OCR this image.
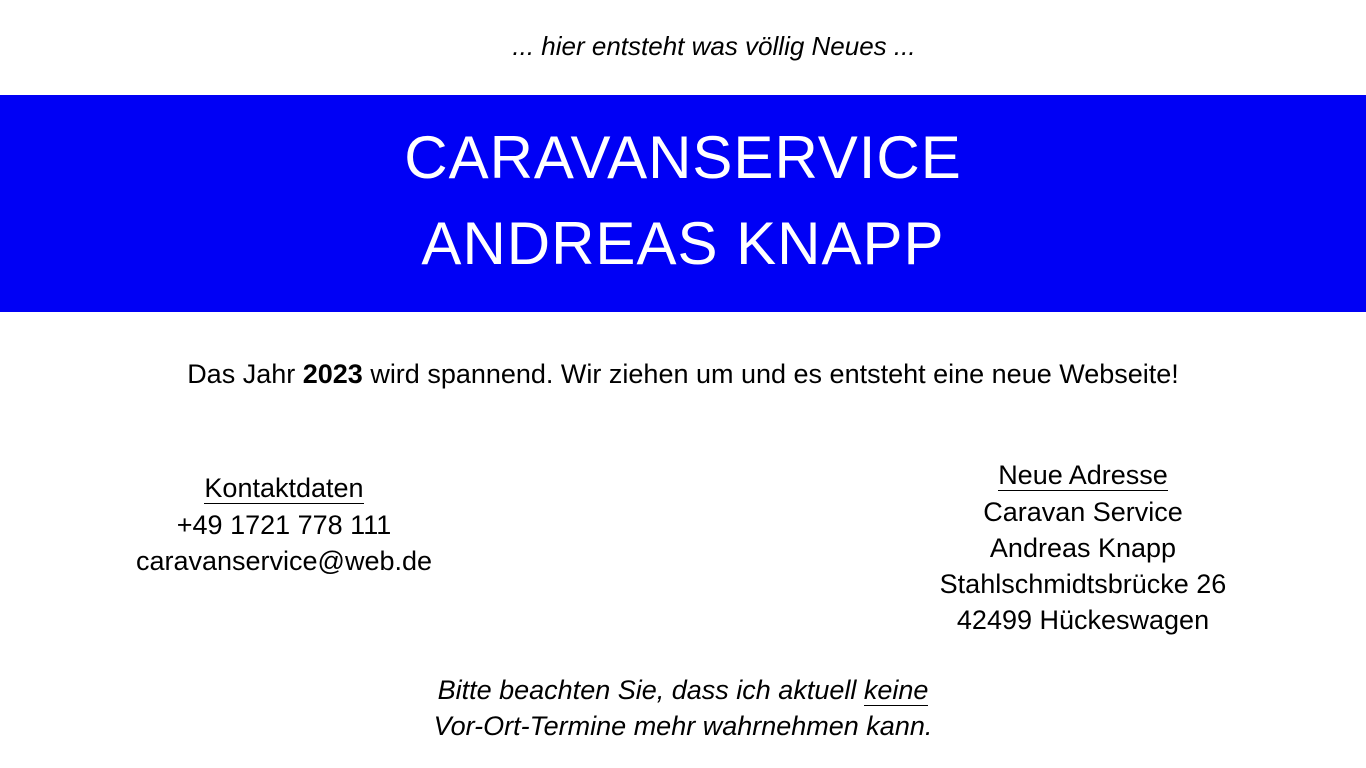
... hier entsteht was völlig Neues ...
CARAVANSERVICE
ANDREAS KNAPP
Das Jahr 2023 wird spannend. Wir ziehen um und es entsteht eine neue Webseite!
Kontaktdaten
+49 1721 778 111
caravanservice@web.de
Neue Adresse
Caravan Service
Andreas Knapp
Stahlschmidtsbrücke 26
42499 Hückeswagen
Bitte beachten Sie, dass ich aktuell keine
Vor-Ort-Termine mehr wahrnehmen kann.
